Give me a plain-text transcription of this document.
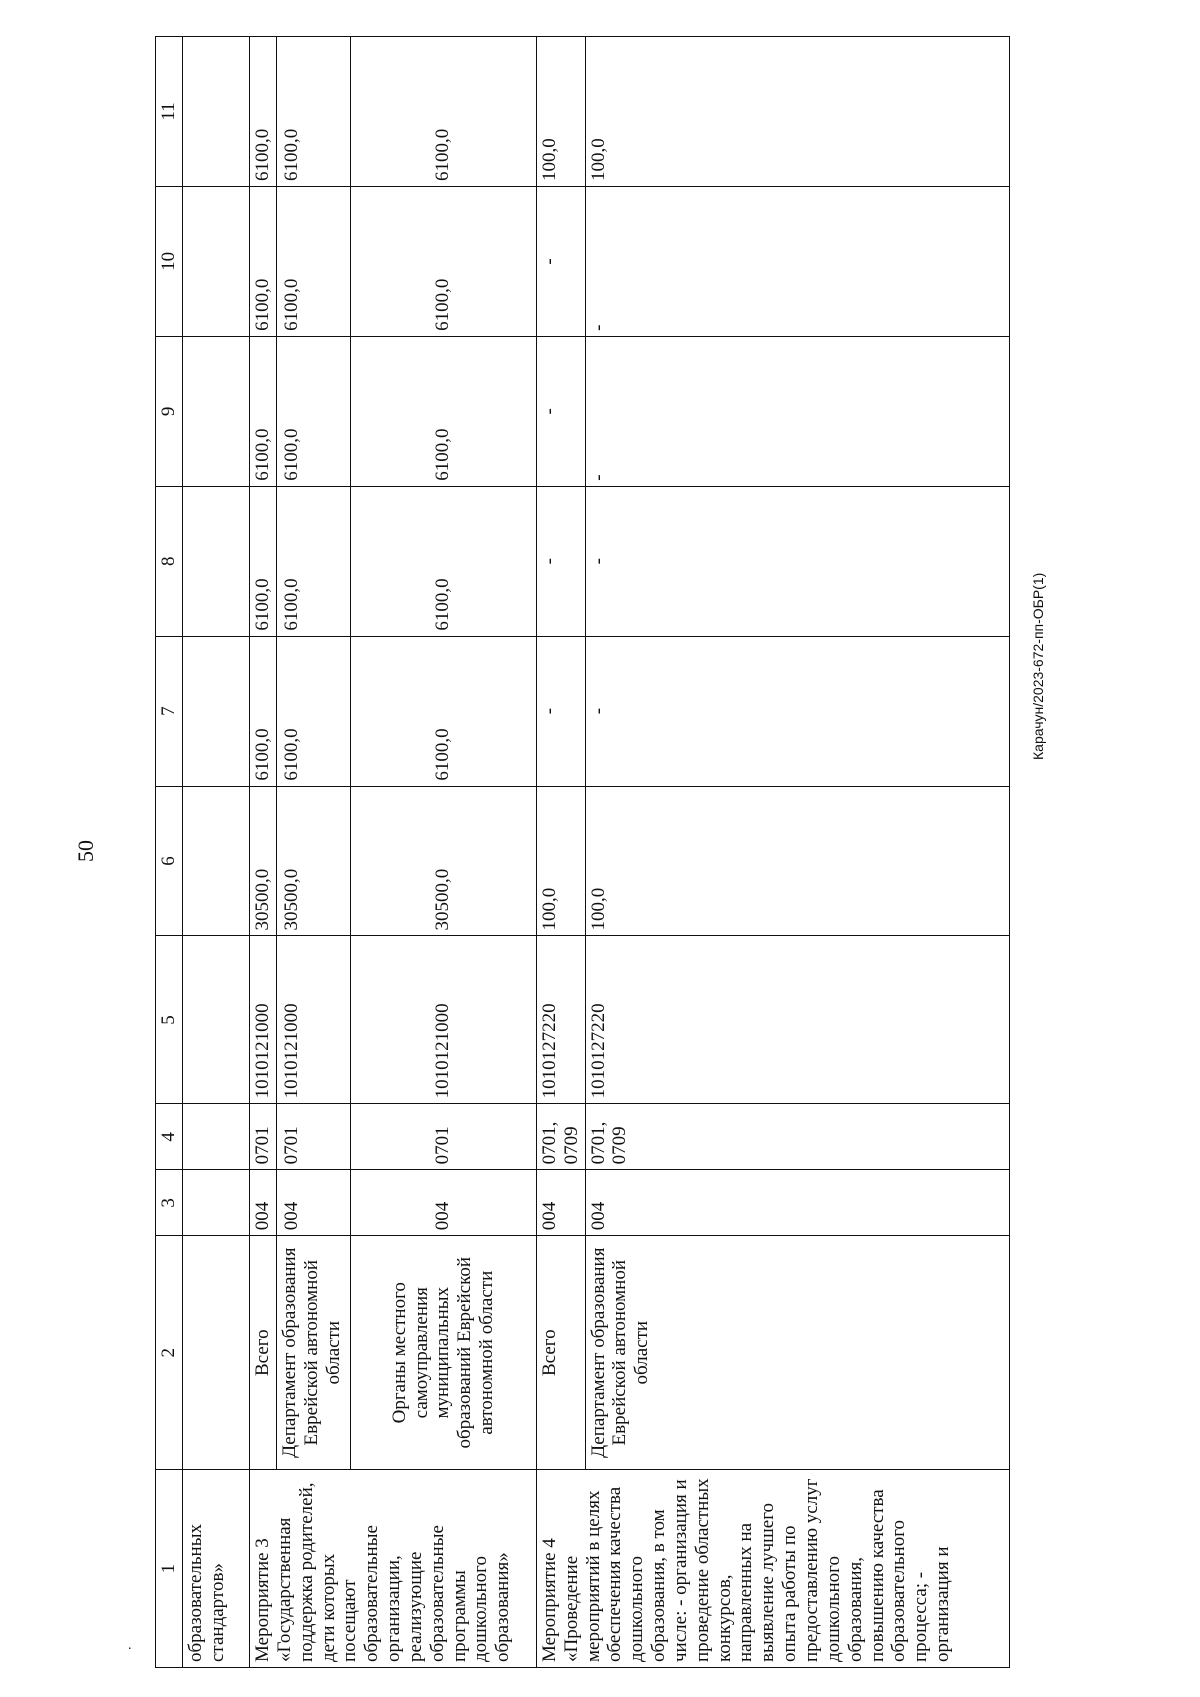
50
Карачун/2023-672-пп-ОБР(1)
.
1	2	3	4	5	6	7	8	9	10	11
образовательных стандартов»										
Мероприятие 3 «Государственная поддержка родителей, дети которых посещают образовательные организации, реализующие образовательные программы дошкольного образования»	Всего	004	0701	1010121000	30500,0	6100,0	6100,0	6100,0	6100,0	6100,0
	Департамент образования Еврейской автономной области	004	0701	1010121000	30500,0	6100,0	6100,0	6100,0	6100,0	6100,0
	Органы местного самоуправления муниципальных образований Еврейской автономной области	004	0701	1010121000	30500,0	6100,0	6100,0	6100,0	6100,0	6100,0
Мероприятие 4 «Проведение мероприятий в целях обеспечения качества дошкольного образования, в том числе: - организация и проведение областных конкурсов, направленных на выявление лучшего опыта работы по предоставлению услуг дошкольного образования, повышению качества образовательного процесса; - организация и	Всего	004	0701, 0709	1010127220	100,0	-	-	-	-	100,0
	Департамент образования Еврейской автономной области	004	0701, 0709	1010127220	100,0	-	-	-	-	100,0
